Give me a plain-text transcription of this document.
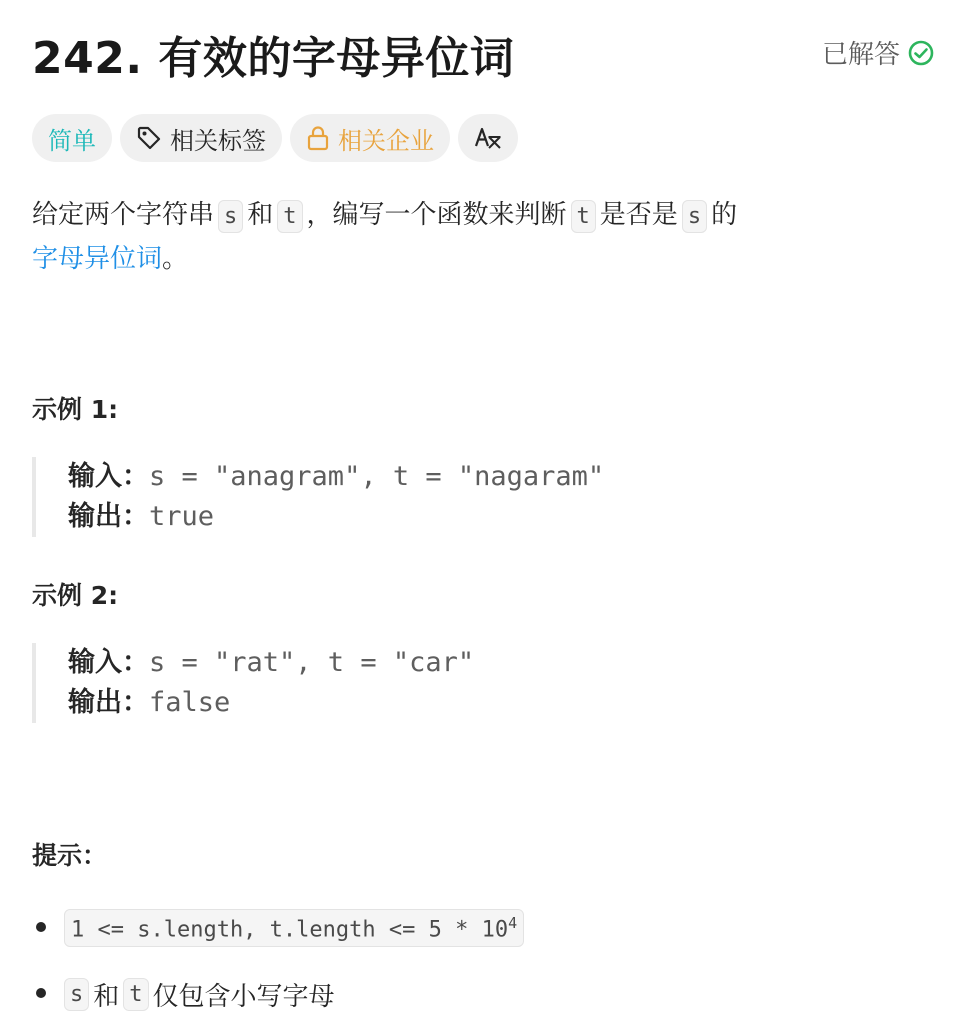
242. 有效的字母异位词	已解答
简单	相关标签	相关企业
给定两个字符串 s 和 t ，编写一个函数来判断 t 是否是 s 的
字母异位词。
示例 1:
输入：s = "anagram", t = "nagaram"
输出：true
示例 2:
输入：s = "rat", t = "car"
输出：false
提示：
1 <= s.length, t.length <= $5 * 10^4$
s 和 t 仅包含小写字母
